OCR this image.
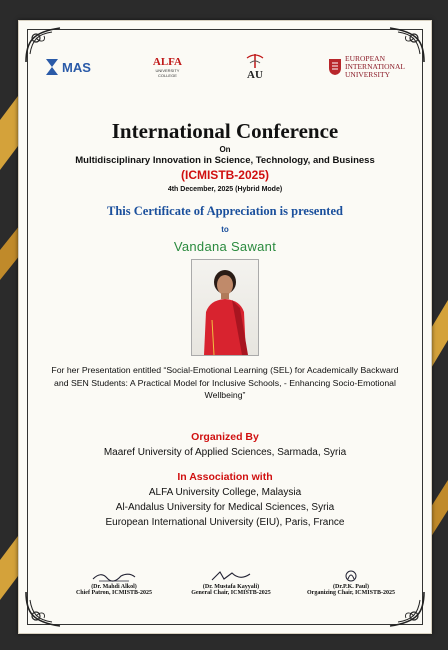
MAS	ALFA
UNIVERSITY
COLLEGE	AU
EUROPEAN
INTERNATIONAL
UNIVERSITY
International Conference
On
Multidisciplinary Innovation in Science, Technology, and Business
(ICMISTB-2025)
4th December, 2025 (Hybrid Mode)
This Certificate of Appreciation is presented
to
Vandana Sawant
For her Presentation entitled “Social-Emotional Learning (SEL) for Academically Backward and SEN Students: A Practical Model for Inclusive Schools, - Enhancing Socio-Emotional Wellbeing”
Organized By
Maaref University of Applied Sciences, Sarmada, Syria
In Association with
ALFA University College, Malaysia
Al-Andalus University for Medical Sciences, Syria
European International University (EIU), Paris, France
(Dr. Mahdi Alkol)
Chief Patron, ICMISTB-2025
(Dr. Mustafa Kayyali)
General Chair, ICMISTB-2025
(Dr.P.K. Paul)
Organizing Chair, ICMISTB-2025
